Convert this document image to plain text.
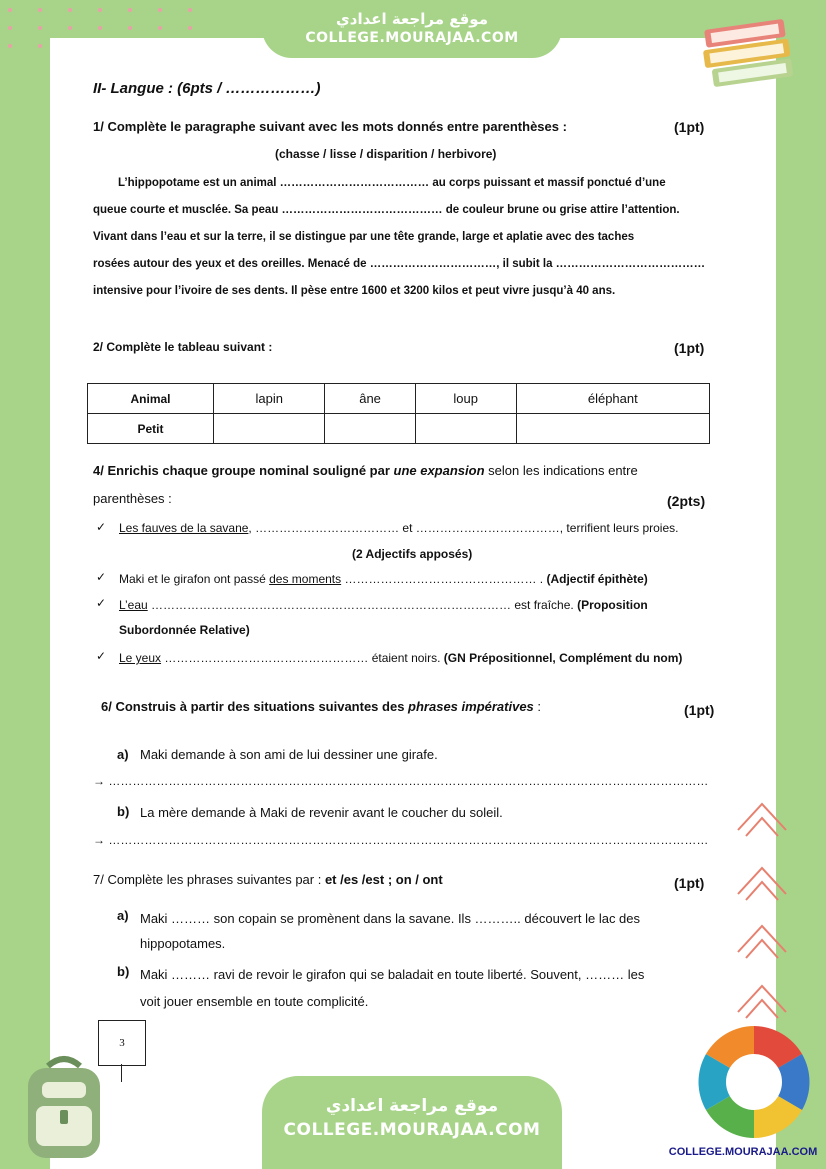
موقع مراجعة اعدادي
COLLEGE.MOURAJAA.COM
II- Langue : (6pts / ………………)
1/ Complète le paragraphe suivant avec les mots donnés entre parenthèses :	(1pt)
(chasse / lisse / disparition / herbivore)
L’hippopotame est un animal ………………………………… au corps puissant et massif ponctué d’une
queue courte et musclée. Sa peau …………………………………… de couleur brune ou grise attire l’attention.
Vivant dans l’eau et sur la terre, il se distingue par une tête grande, large et aplatie avec des taches
rosées autour des yeux et des oreilles. Menacé de ……………………………, il subit la …………………………………
intensive pour l’ivoire de ses dents. Il pèse entre 1600 et 3200 kilos et peut vivre jusqu’à 40 ans.
2/ Complète le tableau suivant :	(1pt)
Animal	lapin	âne	loup	éléphant
Petit				
4/ Enrichis chaque groupe nominal souligné par une expansion selon les indications entre
parenthèses :	(2pts)
✓ Les fauves de la savane, ……………………………… et ………………………………, terrifient leurs proies.
(2 Adjectifs apposés)
✓ Maki et le girafon ont passé des moments ………………………………………… . (Adjectif épithète)
✓ L’eau ……………………………………………………………………………… est fraîche. (Proposition
Subordonnée Relative)
✓ Le yeux …………………………………………… étaient noirs. (GN Prépositionnel, Complément du nom)
6/ Construis à partir des situations suivantes des phrases impératives :	(1pt)
a) Maki demande à son ami de lui dessiner une girafe.
→ ……………………………………………………………………………………………………………………………………
b) La mère demande à Maki de revenir avant le coucher du soleil.
→ ……………………………………………………………………………………………………………………………………
7/ Complète les phrases suivantes par : et /es /est ; on / ont	(1pt)
a) Maki ……… son copain se promènent dans la savane. Ils ……….. découvert le lac des
hippopotames.
b) Maki ……… ravi de revoir le girafon qui se baladait en toute liberté. Souvent, ……… les
voit jouer ensemble en toute complicité.
3
COLLEGE.MOURAJAA.COM
موقع مراجعة اعدادي
COLLEGE.MOURAJAA.COM
